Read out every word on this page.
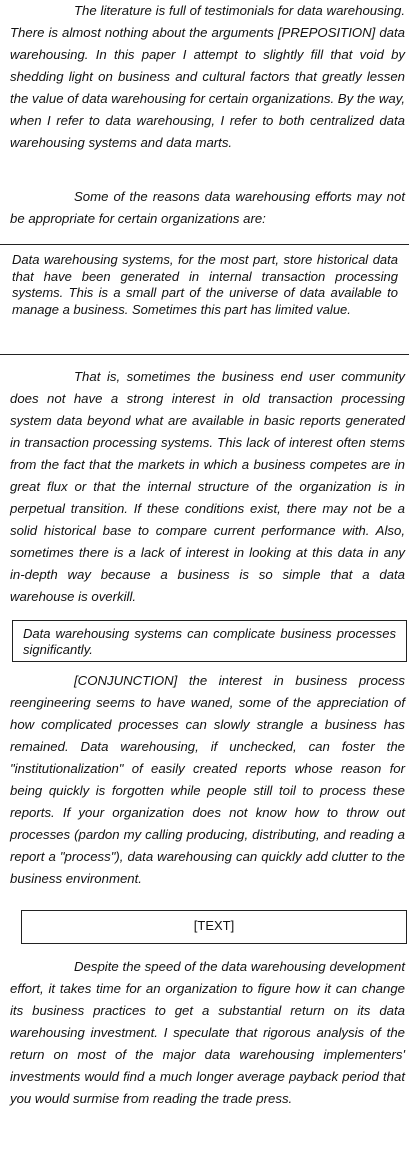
The literature is full of testimonials for data warehousing. There is almost nothing about the arguments [PREPOSITION] data warehousing. In this paper I attempt to slightly fill that void by shedding light on business and cultural factors that greatly lessen the value of data warehousing for certain organizations. By the way, when I refer to data warehousing, I refer to both centralized data warehousing systems and data marts.

Some of the reasons data warehousing efforts may not be appropriate for certain organizations are:

Data warehousing systems, for the most part, store historical data that have been generated in internal transaction processing systems. This is a small part of the universe of data available to manage a business. Sometimes this part has limited value.

That is, sometimes the business end user community does not have a strong interest in old transaction processing system data beyond what are available in basic reports generated in transaction processing systems. This lack of interest often stems from the fact that the markets in which a business competes are in great flux or that the internal structure of the organization is in perpetual transition. If these conditions exist, there may not be a solid historical base to compare current performance with. Also, sometimes there is a lack of interest in looking at this data in any in-depth way because a business is so simple that a data warehouse is overkill.

Data warehousing systems can complicate business processes significantly.

[CONJUNCTION] the interest in business process reengineering seems to have waned, some of the appreciation of how complicated processes can slowly strangle a business has remained. Data warehousing, if unchecked, can foster the "institutionalization" of easily created reports whose reason for being quickly is forgotten while people still toil to process these reports. If your organization does not know how to throw out processes (pardon my calling producing, distributing, and reading a report a "process"), data warehousing can quickly add clutter to the business environment.

[TEXT]

Despite the speed of the data warehousing development effort, it takes time for an organization to figure how it can change its business practices to get a substantial return on its data warehousing investment. I speculate that rigorous analysis of the return on most of the major data warehousing implementers' investments would find a much longer average payback period that you would surmise from reading the trade press.
